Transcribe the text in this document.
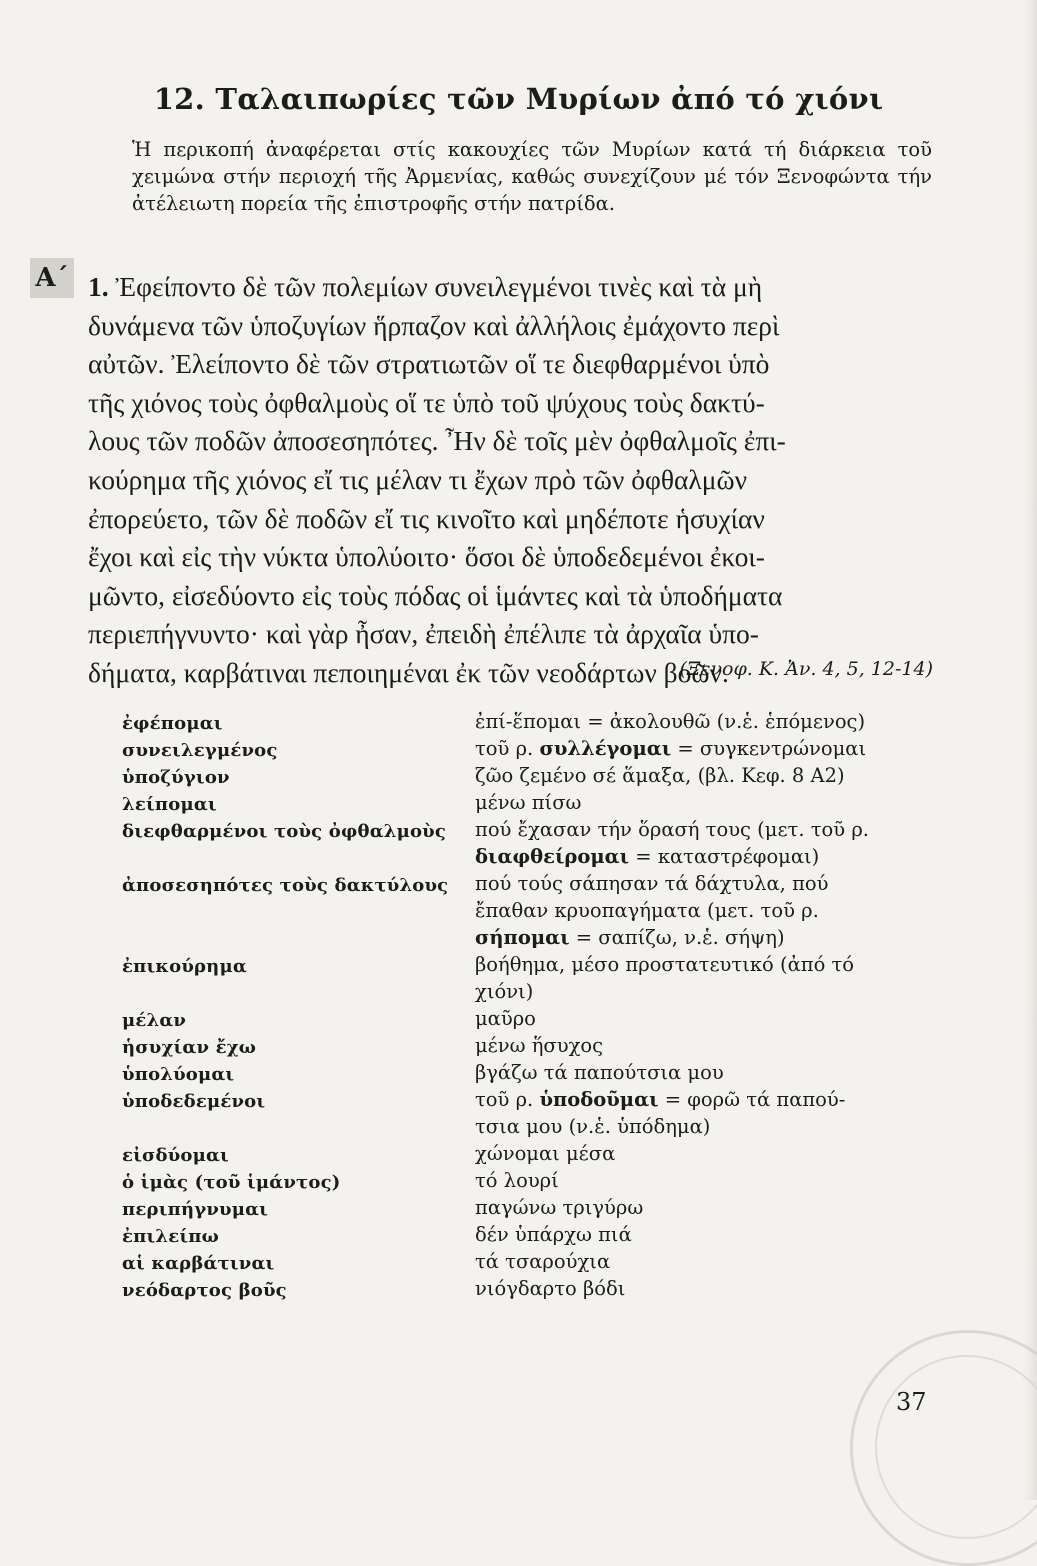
12. Ταλαιπωρίες τῶν Μυρίων ἀπό τό χιόνι
Ἡ περικοπή ἀναφέρεται στίς κακουχίες τῶν Μυρίων κατά τή διάρκεια τοῦ χειμώνα στήν περιοχή τῆς Ἀρμενίας, καθώς συνεχίζουν μέ τόν Ξενοφώντα τήν ἀτέλειωτη πορεία τῆς ἐπιστροφῆς στήν πατρίδα.
Α΄ 1. Ἐφείποντο δὲ τῶν πολεμίων συνειλεγμένοι τινὲς καὶ τὰ μὴ
δυνάμενα τῶν ὑποζυγίων ἥρπαζον καὶ ἀλλήλοις ἐμάχοντο περὶ
αὐτῶν. Ἐλείποντο δὲ τῶν στρατιωτῶν οἵ τε διεφθαρμένοι ὑπὸ
τῆς χιόνος τοὺς ὀφθαλμοὺς οἵ τε ὑπὸ τοῦ ψύχους τοὺς δακτύ-
λους τῶν ποδῶν ἀποσεσηπότες. Ἦν δὲ τοῖς μὲν ὀφθαλμοῖς ἐπι-
κούρημα τῆς χιόνος εἴ τις μέλαν τι ἔχων πρὸ τῶν ὀφθαλμῶν
ἐπορεύετο, τῶν δὲ ποδῶν εἴ τις κινοῖτο καὶ μηδέποτε ἡσυχίαν
ἔχοι καὶ εἰς τὴν νύκτα ὑπολύοιτο· ὅσοι δὲ ὑποδεδεμένοι ἐκοι-
μῶντο, εἰσεδύοντο εἰς τοὺς πόδας οἱ ἱμάντες καὶ τὰ ὑποδήματα
περιεπήγνυντο· καὶ γὰρ ἦσαν, ἐπειδὴ ἐπέλιπε τὰ ἀρχαῖα ὑπο-
δήματα, καρβάτιναι πεποιημέναι ἐκ τῶν νεοδάρτων βοῶν.
(Ξενοφ. Κ. Ἀν. 4, 5, 12-14)
ἐφέπομαι	ἐπί-ἕπομαι = ἀκολουθῶ (ν.ἑ. ἑπόμενος)
συνειλεγμένος	τοῦ ρ. συλλέγομαι = συγκεντρώνομαι
ὑποζύγιον	ζῶο ζεμένο σέ ἅμαξα, (βλ. Κεφ. 8 Α2)
λείπομαι	μένω πίσω
διεφθαρμένοι τοὺς ὀφθαλμοὺς	πού ἔχασαν τήν ὅρασή τους (μετ. τοῦ ρ.
διαφθείρομαι = καταστρέφομαι)
ἀποσεσηπότες τοὺς δακτύλους	πού τούς σάπησαν τά δάχτυλα, πού
ἔπαθαν κρυοπαγήματα (μετ. τοῦ ρ.
σήπομαι = σαπίζω, ν.ἑ. σήψη)
ἐπικούρημα	βοήθημα, μέσο προστατευτικό (ἀπό τό
χιόνι)
μέλαν	μαῦρο
ἡσυχίαν ἔχω	μένω ἥσυχος
ὑπολύομαι	βγάζω τά παπούτσια μου
ὑποδεδεμένοι	τοῦ ρ. ὑποδοῦμαι = φορῶ τά παπού-
τσια μου (ν.ἑ. ὑπόδημα)
εἰσδύομαι	χώνομαι μέσα
ὁ ἱμὰς (τοῦ ἱμάντος)	τό λουρί
περιπήγνυμαι	παγώνω τριγύρω
ἐπιλείπω	δέν ὑπάρχω πιά
αἱ καρβάτιναι	τά τσαρούχια
νεόδαρτος βοῦς	νιόγδαρτο βόδι
37
